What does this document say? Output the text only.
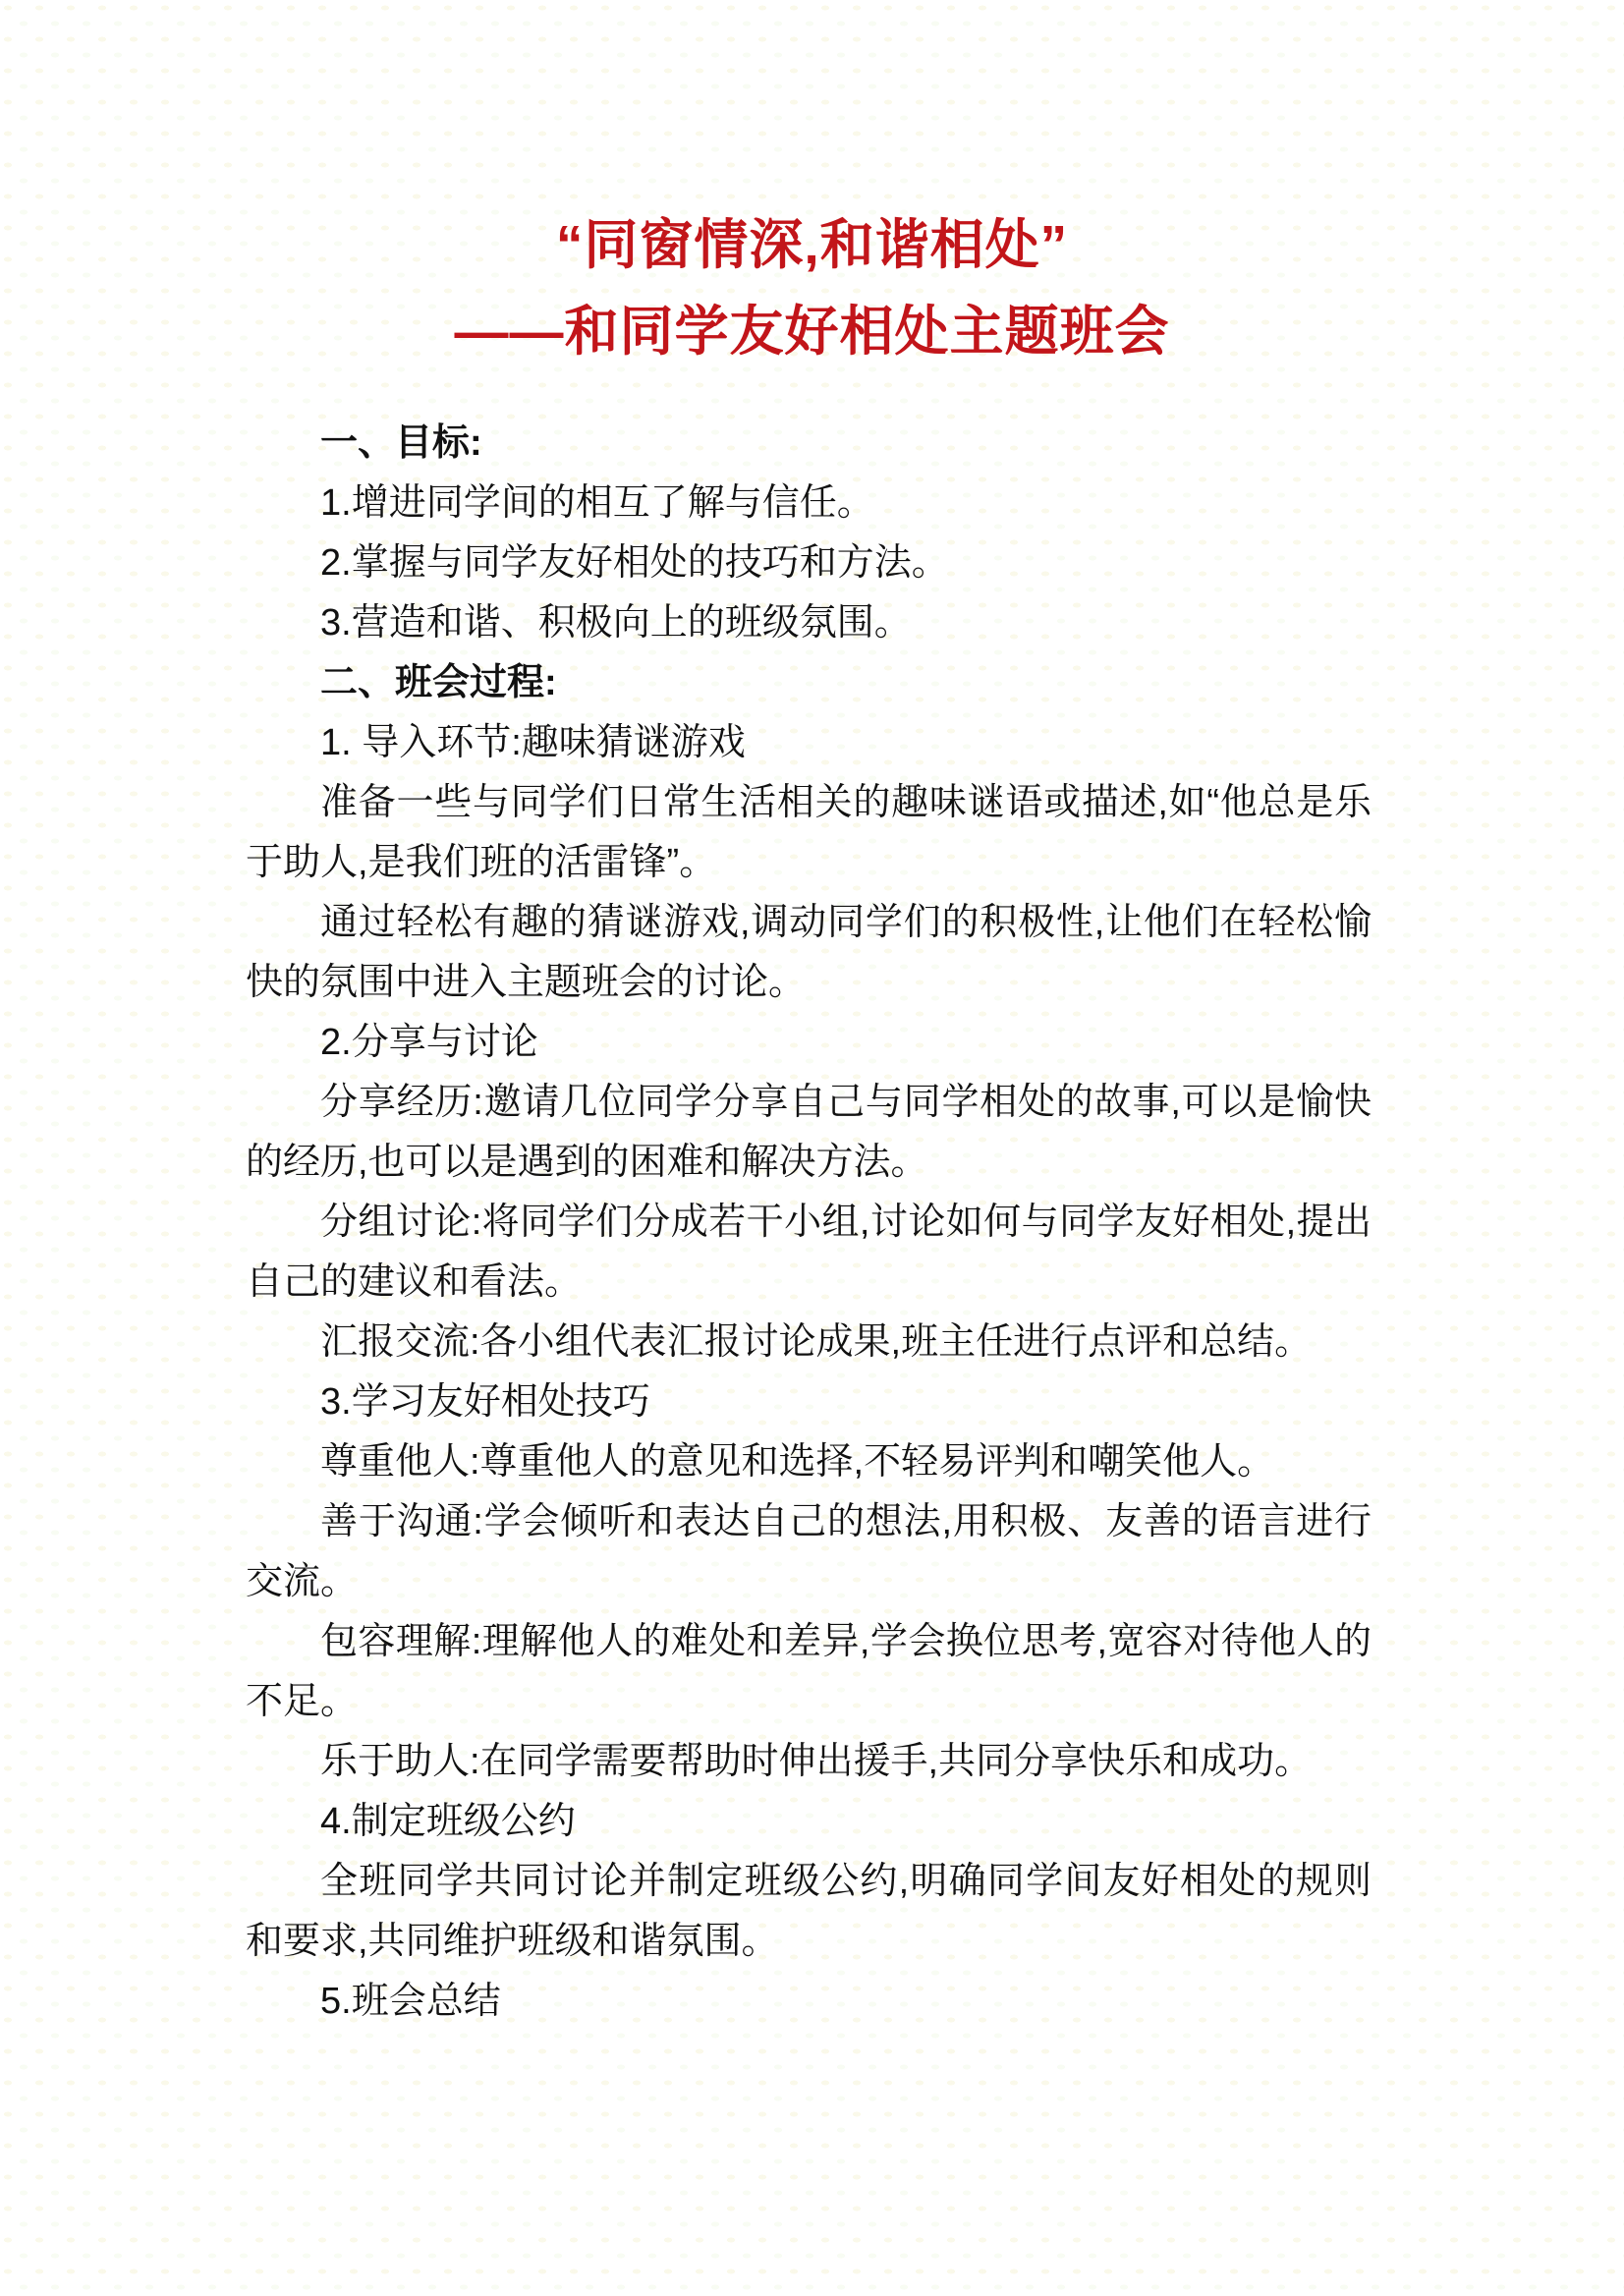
“同窗情深,和谐相处”
——和同学友好相处主题班会

一、目标:

1.增进同学间的相互了解与信任。

2.掌握与同学友好相处的技巧和方法。

3.营造和谐、积极向上的班级氛围。

二、班会过程:

1. 导入环节:趣味猜谜游戏

准备一些与同学们日常生活相关的趣味谜语或描述,如“他总是乐于助人,是我们班的活雷锋”。

通过轻松有趣的猜谜游戏,调动同学们的积极性,让他们在轻松愉快的氛围中进入主题班会的讨论。

2.分享与讨论

分享经历:邀请几位同学分享自己与同学相处的故事,可以是愉快的经历,也可以是遇到的困难和解决方法。

分组讨论:将同学们分成若干小组,讨论如何与同学友好相处,提出自己的建议和看法。

汇报交流:各小组代表汇报讨论成果,班主任进行点评和总结。

3.学习友好相处技巧

尊重他人:尊重他人的意见和选择,不轻易评判和嘲笑他人。

善于沟通:学会倾听和表达自己的想法,用积极、友善的语言进行交流。

包容理解:理解他人的难处和差异,学会换位思考,宽容对待他人的不足。

乐于助人:在同学需要帮助时伸出援手,共同分享快乐和成功。

4.制定班级公约

全班同学共同讨论并制定班级公约,明确同学间友好相处的规则和要求,共同维护班级和谐氛围。

5.班会总结
